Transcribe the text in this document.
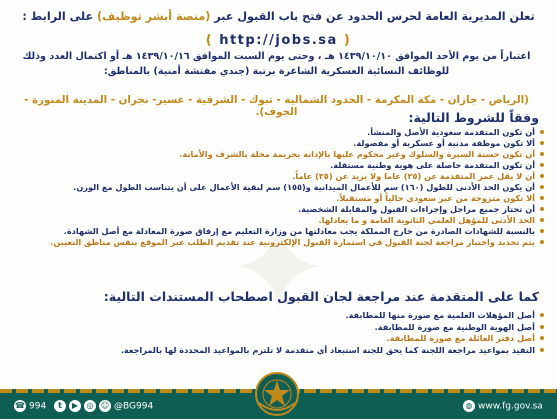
✦
تعلن المديرية العامة لحرس الحدود عن فتح باب القبول عبر (منصة أبشر توظيف) على الرابط :
( http://jobs.sa )
اعتباراً من يوم الأحد الموافق ١٤٣٩/١٠/١٠ هـ ، وحتى يوم السبت الموافق ١٤٣٩/١٠/١٦ هـ أو اكتمال العدد وذلك للوظائف النسائية العسكرية الشاغرة برتبة (جندي مفتشة أمنية) بالمناطق:
(الرياض - جازان - مكة المكرمة - الحدود الشمالية - تبوك - الشرقية - عسير- نجران - المدينة المنورة - الجوف).	وفقاً للشروط التالية:
أن تكون المتقدمة سعودية الأصل والمنشأ.
ألا تكون موظفة مدنية أو عسكرية أو مفصولة.
أن تكون حسنة السيرة والسلوك وغير محكوم عليها بالإدانة بجريمة مخلة بالشرف والأمانة.
أن تكون المتقدمة حاصلة على هوية وطنية مستقلة.
أن لا يقل عمر المتقدمة عن (٢٥) عاما ولا يزيد عن (٣٥) عاماً.
أن يكون الحد الأدنى للطول (١٦٠) سم للأعمال الميدانية و(١٥٥) سم لبقية الأعمال على أن يتناسب الطول مع الوزن.
ألا تكون متزوجة من غير سعودي حالياً أو مستقبلاً.
أن تجتاز جميع مراحل وإجراءات القبول والمقابلة الشخصية.
الحد الأدنى للمؤهل العلمي الثانوية العامة و ما يعادلها.
بالنسبة للشهادات الصادرة من خارج المملكة يجب معادلتها من وزارة التعليم مع إرفاق صورة المعادلة مع أصل الشهادة.
يتم تحديد واختيار مراجعة لجنة القبول في استمارة القبول الإلكترونية عند تقديم الطلب عبر الموقع بنفس مناطق التعيين.
كما على المتقدمة عند مراجعة لجان القبول اصطحاب المستندات التالية:
أصل المؤهلات العلمية مع صورة منها للمطابقة.
أصل الهوية الوطنية مع صورة للمطابقة.
أصل دفتر العائلة مع صورة للمطابقة.
التقيد بمواعيد مراجعة اللجنة كما يحق للجنة استبعاد أي متقدمة لا تلتزم بالمواعيد المحددة لها بالمراجعة.
☎ 994	t ▶ ◎ ☺ @BG994	◍ www.fg.gov.sa
